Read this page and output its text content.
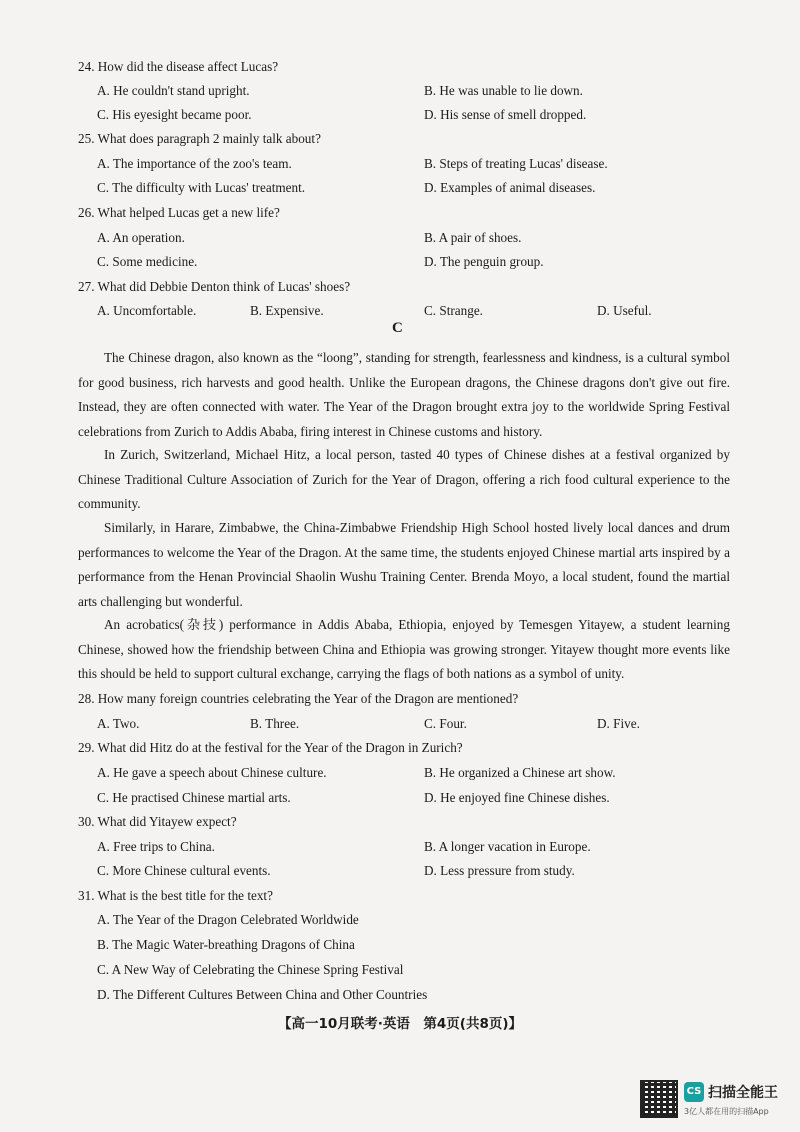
24. How did the disease affect Lucas?
A. He couldn't stand upright.	B. He was unable to lie down.
C. His eyesight became poor.	D. His sense of smell dropped.
25. What does paragraph 2 mainly talk about?
A. The importance of the zoo's team.	B. Steps of treating Lucas' disease.
C. The difficulty with Lucas' treatment.	D. Examples of animal diseases.
26. What helped Lucas get a new life?
A. An operation.	B. A pair of shoes.
C. Some medicine.	D. The penguin group.
27. What did Debbie Denton think of Lucas' shoes?
A. Uncomfortable.	B. Expensive.	C. Strange.	D. Useful.
C
The Chinese dragon, also known as the “loong”, standing for strength, fearlessness and kindness, is a cultural symbol for good business, rich harvests and good health. Unlike the European dragons, the Chinese dragons don't give out fire. Instead, they are often connected with water. The Year of the Dragon brought extra joy to the worldwide Spring Festival celebrations from Zurich to Addis Ababa, firing interest in Chinese customs and history.
In Zurich, Switzerland, Michael Hitz, a local person, tasted 40 types of Chinese dishes at a festival organized by Chinese Traditional Culture Association of Zurich for the Year of Dragon, offering a rich food cultural experience to the community.
Similarly, in Harare, Zimbabwe, the China-Zimbabwe Friendship High School hosted lively local dances and drum performances to welcome the Year of the Dragon. At the same time, the students enjoyed Chinese martial arts inspired by a performance from the Henan Provincial Shaolin Wushu Training Center. Brenda Moyo, a local student, found the martial arts challenging but wonderful.
An acrobatics(杂技) performance in Addis Ababa, Ethiopia, enjoyed by Temesgen Yitayew, a student learning Chinese, showed how the friendship between China and Ethiopia was growing stronger. Yitayew thought more events like this should be held to support cultural exchange, carrying the flags of both nations as a symbol of unity.
28. How many foreign countries celebrating the Year of the Dragon are mentioned?
A. Two.	B. Three.	C. Four.	D. Five.
29. What did Hitz do at the festival for the Year of the Dragon in Zurich?
A. He gave a speech about Chinese culture.	B. He organized a Chinese art show.
C. He practised Chinese martial arts.	D. He enjoyed fine Chinese dishes.
30. What did Yitayew expect?
A. Free trips to China.	B. A longer vacation in Europe.
C. More Chinese cultural events.	D. Less pressure from study.
31. What is the best title for the text?
A. The Year of the Dragon Celebrated Worldwide
B. The Magic Water-breathing Dragons of China
C. A New Way of Celebrating the Chinese Spring Festival
D. The Different Cultures Between China and Other Countries
【高一10月联考·英语　第4页(共8页)】
CS 扫描全能王
3亿人都在用的扫描App
